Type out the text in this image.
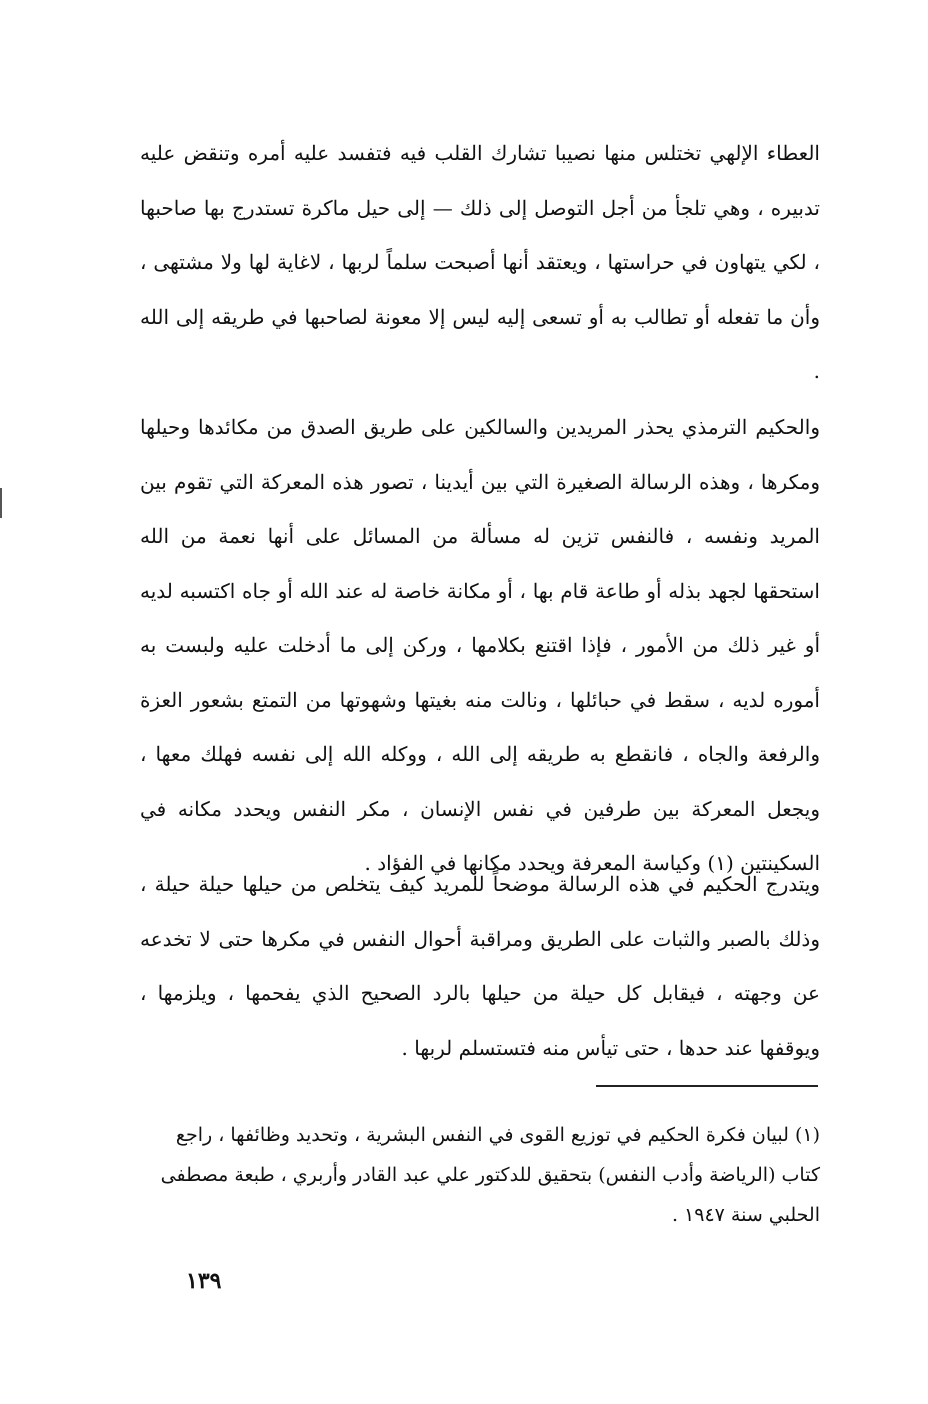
العطاء الإلهي تختلس منها نصيبا تشارك القلب فيه فتفسد عليه أمره وتنقض عليه تدبيره ، وهي تلجأ من أجل التوصل إلى ذلك — إلى حيل ماكرة تستدرج بها صاحبها ، لكي يتهاون في حراستها ، ويعتقد أنها أصبحت سلماً لربها ، لاغاية لها ولا مشتهى ، وأن ما تفعله أو تطالب به أو تسعى إليه ليس إلا معونة لصاحبها في طريقه إلى الله .

والحكيم الترمذي يحذر المريدين والسالكين على طريق الصدق من مكائدها وحيلها ومكرها ، وهذه الرسالة الصغيرة التي بين أيدينا ، تصور هذه المعركة التي تقوم بين المريد ونفسه ، فالنفس تزين له مسألة من المسائل على أنها نعمة من الله استحقها لجهد بذله أو طاعة قام بها ، أو مكانة خاصة له عند الله أو جاه اكتسبه لديه أو غير ذلك من الأمور ، فإذا اقتنع بكلامها ، وركن إلى ما أدخلت عليه ولبست به أموره لديه ، سقط في حبائلها ، ونالت منه بغيتها وشهوتها من التمتع بشعور العزة والرفعة والجاه ، فانقطع به طريقه إلى الله ، ووكله الله إلى نفسه فهلك معها ، ويجعل المعركة بين طرفين في نفس الإنسان ، مكر النفس ويحدد مكانه في السكينتين (١) وكياسة المعرفة ويحدد مكانها في الفؤاد .

ويتدرج الحكيم في هذه الرسالة موضحاً للمريد كيف يتخلص من حيلها حيلة حيلة ، وذلك بالصبر والثبات على الطريق ومراقبة أحوال النفس في مكرها حتى لا تخدعه عن وجهته ، فيقابل كل حيلة من حيلها بالرد الصحيح الذي يفحمها ، ويلزمها ، ويوقفها عند حدها ، حتى تيأس منه فتستسلم لربها .

(١) لبيان فكرة الحكيم في توزيع القوى في النفس البشرية ، وتحديد وظائفها ، راجع كتاب (الرياضة وأدب النفس) بتحقيق للدكتور علي عبد القادر وأربري ، طبعة مصطفى الحلبي سنة ١٩٤٧ .

١٣٩
